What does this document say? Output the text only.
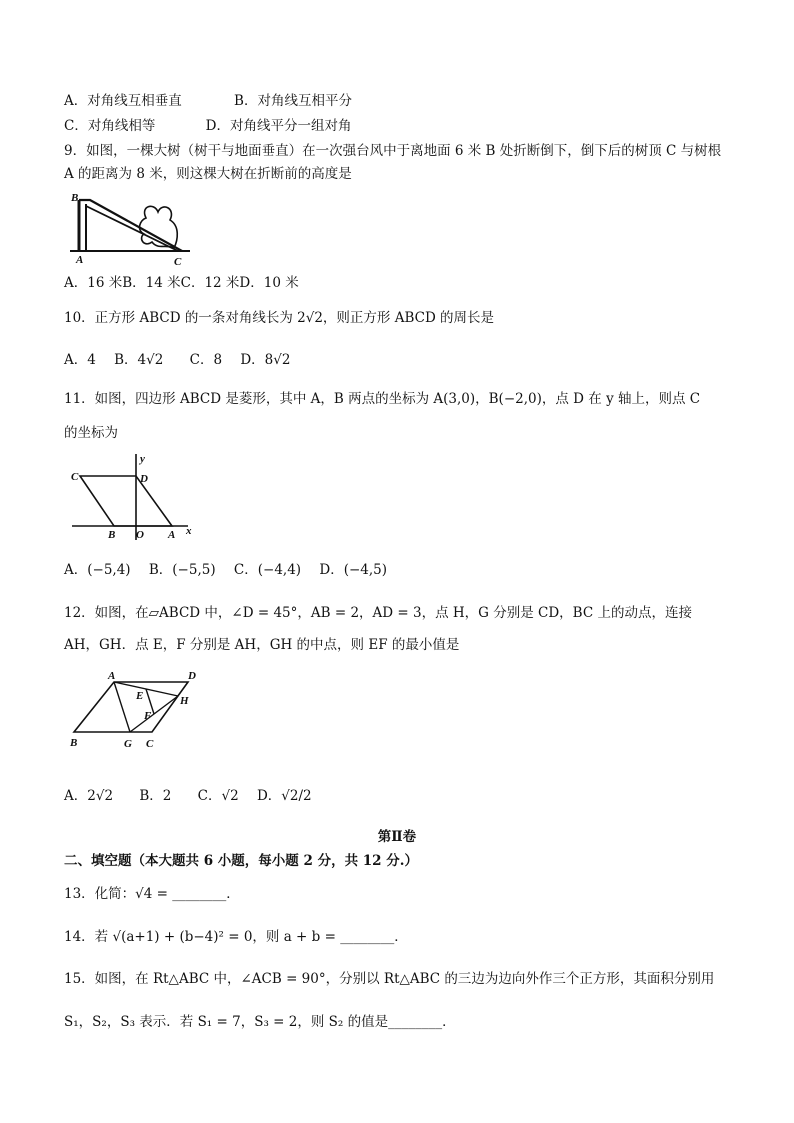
A．对角线互相垂直	B．对角线互相平分
C．对角线相等	D．对角线平分一组对角
9．如图，一棵大树（树干与地面垂直）在一次强台风中于离地面 6 米 B 处折断倒下，倒下后的树顶 C 与树根
A 的距离为 8 米，则这棵大树在折断前的高度是
B
A	C
A．16 米B．14 米C．12 米D．10 米
10．正方形 ABCD 的一条对角线长为 2√2，则正方形 ABCD 的周长是
A．4 B．4√2 C．8 D．8√2
11．如图，四边形 ABCD 是菱形，其中 A，B 两点的坐标为 A(3,0)，B(−2,0)，点 D 在 y 轴上，则点 C
的坐标为
y
x
C	D
B O A
A．(−5,4) B．(−5,5) C．(−4,4) D．(−4,5)
12．如图，在▱ABCD 中，∠D = 45°，AB = 2，AD = 3，点 H，G 分别是 CD，BC 上的动点，连接
AH，GH．点 E，F 分别是 AH，GH 的中点，则 EF 的最小值是
A	D
E	H
F
B	G C
A．2√2 B．2 C．√2 D．√2/2
第Ⅱ卷
二、填空题（本大题共 6 小题，每小题 2 分，共 12 分.）
13．化简：√4 = ________．
14．若 √(a+1) + (b−4)² = 0，则 a + b = ________．
15．如图，在 Rt△ABC 中，∠ACB = 90°，分别以 Rt△ABC 的三边为边向外作三个正方形，其面积分别用
S₁，S₂，S₃ 表示．若 S₁ = 7，S₃ = 2，则 S₂ 的值是________．
